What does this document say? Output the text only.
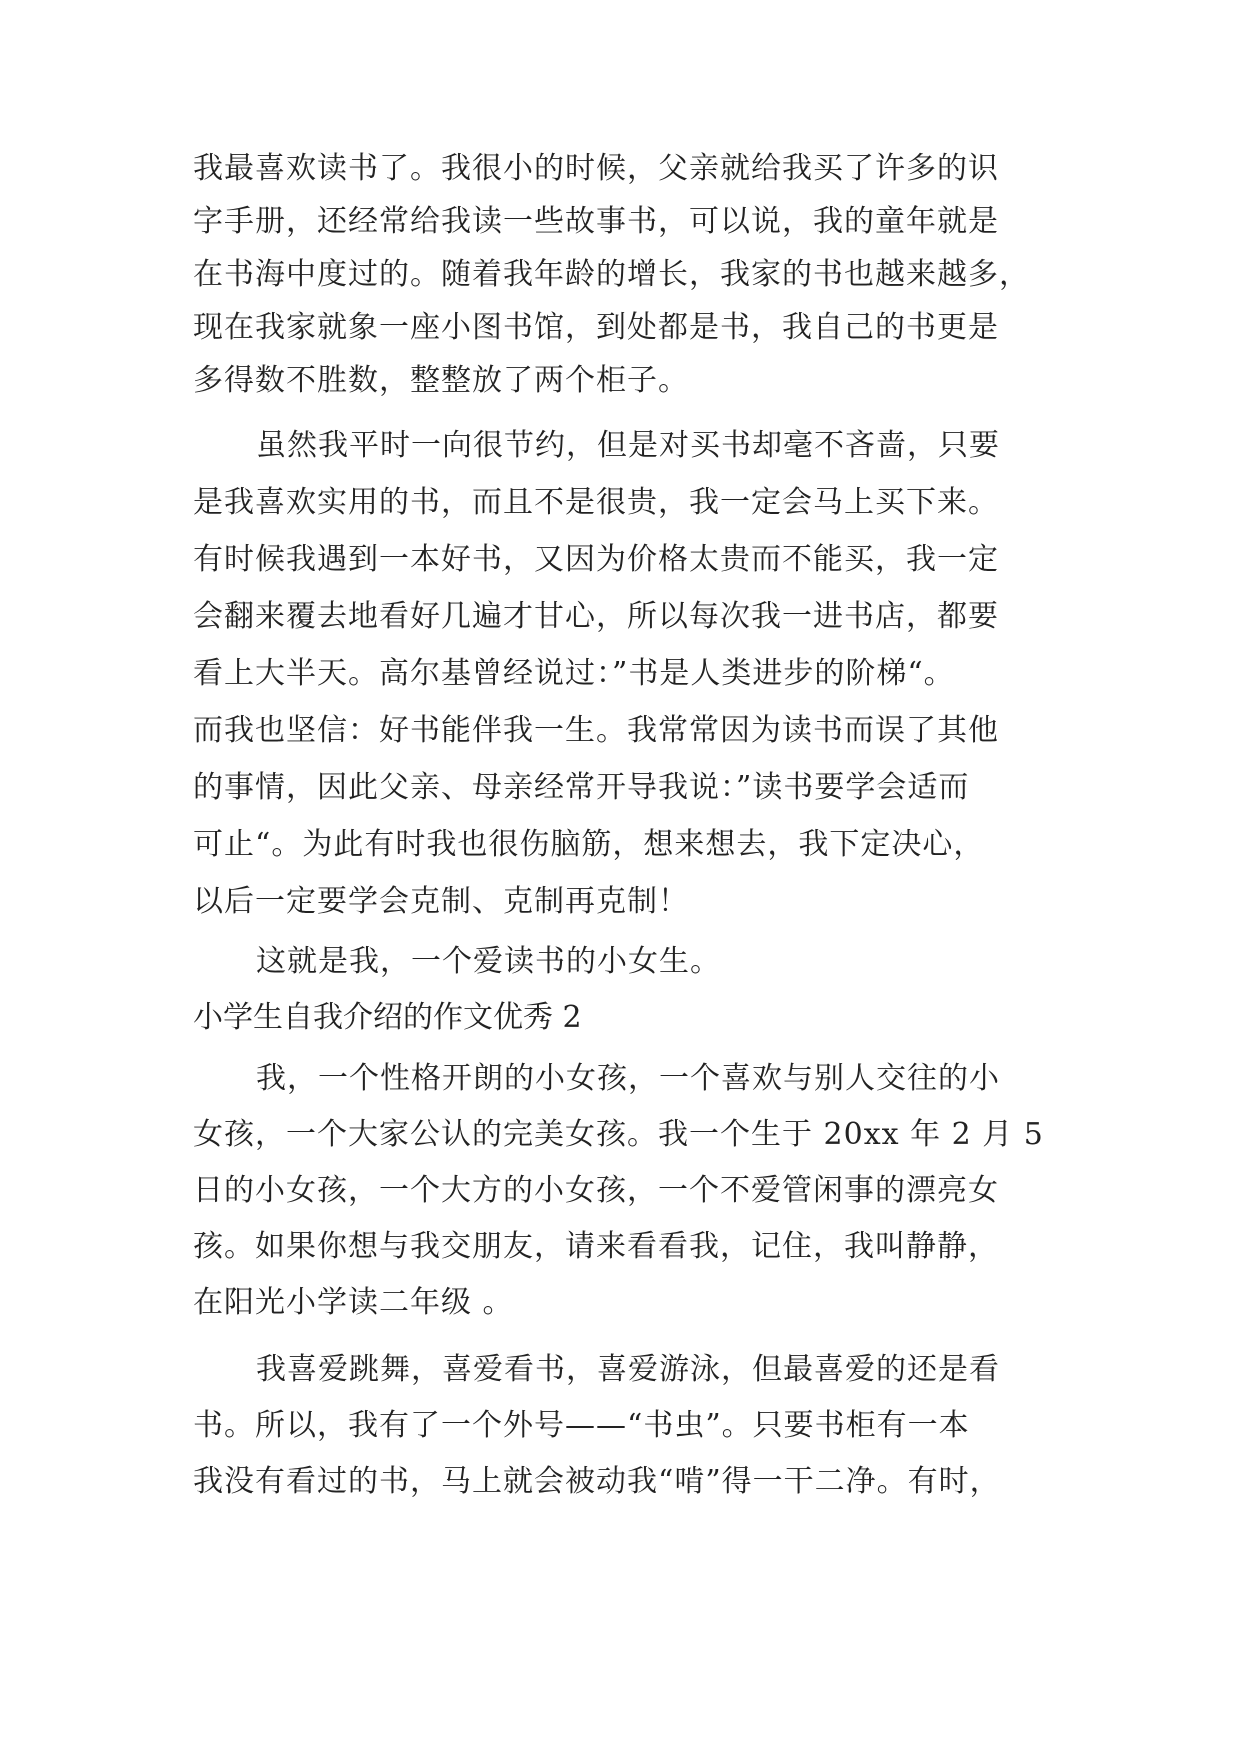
我最喜欢读书了。我很小的时候，父亲就给我买了许多的识
字手册，还经常给我读一些故事书，可以说，我的童年就是
在书海中度过的。随着我年龄的增长，我家的书也越来越多，
现在我家就象一座小图书馆，到处都是书，我自己的书更是
多得数不胜数，整整放了两个柜子。
虽然我平时一向很节约，但是对买书却毫不吝啬，只要
是我喜欢实用的书，而且不是很贵，我一定会马上买下来。
有时候我遇到一本好书，又因为价格太贵而不能买，我一定
会翻来覆去地看好几遍才甘心，所以每次我一进书店，都要
看上大半天。高尔基曾经说过：”书是人类进步的阶梯“。
而我也坚信：好书能伴我一生。我常常因为读书而误了其他
的事情，因此父亲、母亲经常开导我说：”读书要学会适而
可止“。为此有时我也很伤脑筋，想来想去，我下定决心，
以后一定要学会克制、克制再克制！
这就是我，一个爱读书的小女生。
小学生自我介绍的作文优秀 2
我，一个性格开朗的小女孩，一个喜欢与别人交往的小
女孩，一个大家公认的完美女孩。我一个生于 20xx 年 2 月 5
日的小女孩，一个大方的小女孩，一个不爱管闲事的漂亮女
孩。如果你想与我交朋友，请来看看我，记住，我叫静静，
在阳光小学读二年级 。
我喜爱跳舞，喜爱看书，喜爱游泳，但最喜爱的还是看
书。所以，我有了一个外号——“书虫”。只要书柜有一本
我没有看过的书，马上就会被动我“啃”得一干二净。有时，
